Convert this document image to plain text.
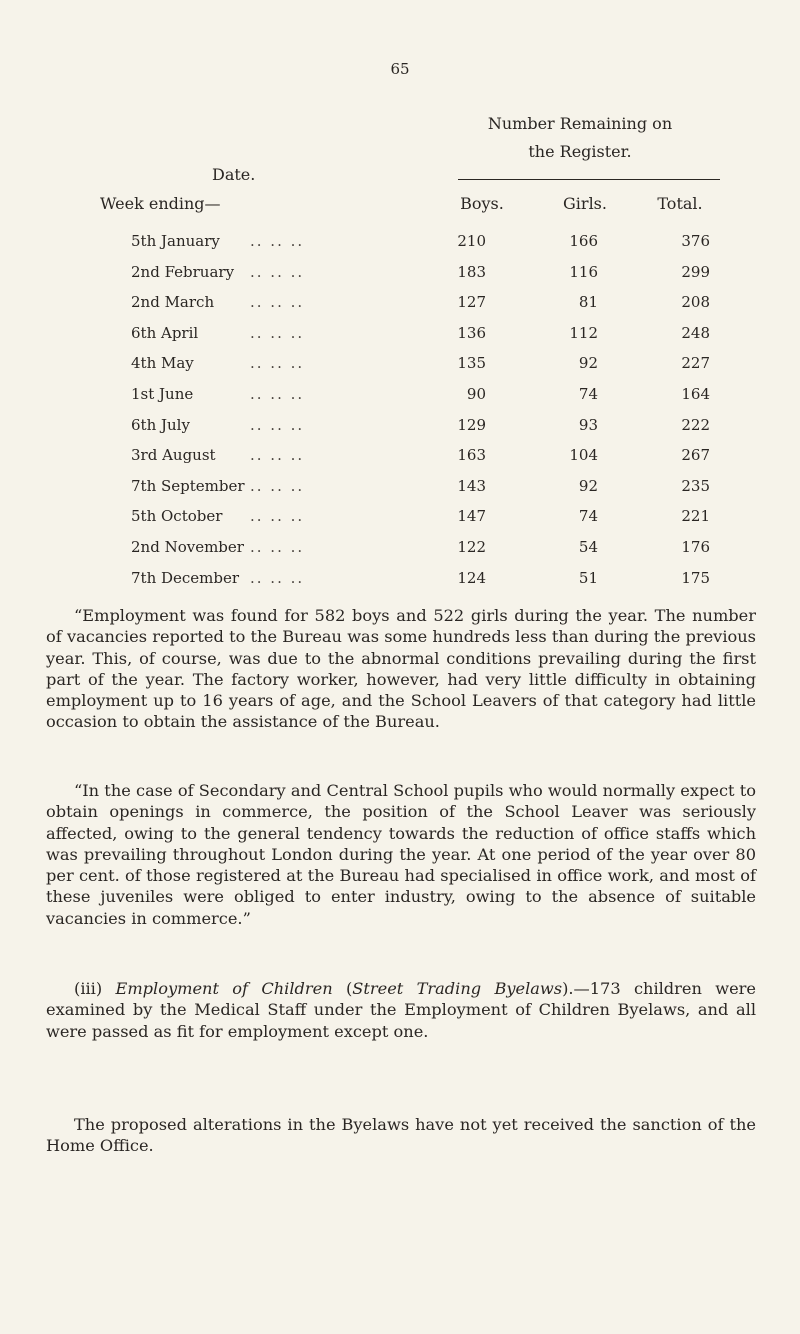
65
Number Remaining on
the Register.
Date.
Week ending—	Boys.	Girls.	Total.
5th January .. .. ..	210	166	376
2nd February .. .. ..	183	116	299
2nd March .. .. ..	127	81	208
6th April	.. .. ..	136	112	248
4th May	.. .. ..	135	92	227
1st June	.. .. ..	90	74	164
6th July	.. .. ..	129	93	222
3rd August .. .. ..	163	104	267
7th September .. .. ..	143	92	235
5th October .. .. ..	147	74	221
2nd November .. .. ..	122	54	176
7th December .. .. ..	124	51	175

“Employment was found for 582 boys and 522 girls during the year. The number of vacancies reported to the Bureau was some hundreds less than during the previous year. This, of course, was due to the abnormal conditions prevailing during the first part of the year. The factory worker, however, had very little difficulty in obtaining employment up to 16 years of age, and the School Leavers of that category had little occasion to obtain the assistance of the Bureau.

“In the case of Secondary and Central School pupils who would normally expect to obtain openings in commerce, the position of the School Leaver was seriously affected, owing to the general tendency towards the reduction of office staffs which was prevailing throughout London during the year. At one period of the year over 80 per cent. of those registered at the Bureau had specialised in office work, and most of these juveniles were obliged to enter industry, owing to the absence of suitable vacancies in commerce.”

(iii) Employment of Children (Street Trading Byelaws).—173 children were examined by the Medical Staff under the Employment of Children Byelaws, and all were passed as fit for employment except one.

The proposed alterations in the Byelaws have not yet received the sanction of the Home Office.
